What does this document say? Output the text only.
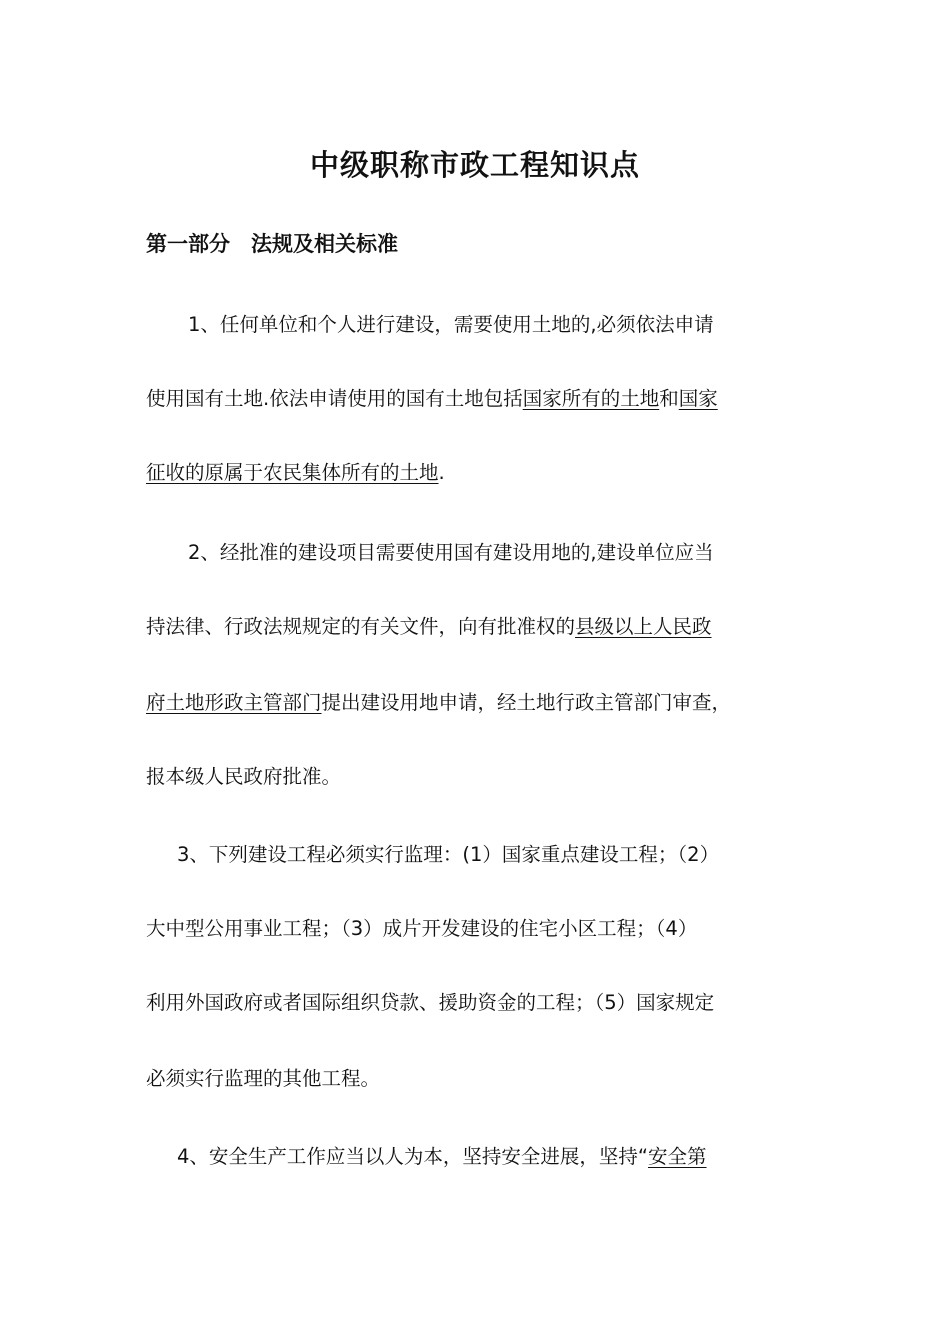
中级职称市政工程知识点
第一部分　法规及相关标准
1、任何单位和个人进行建设，需要使用土地的,必须依法申请
使用国有土地.依法申请使用的国有土地包括国家所有的土地和国家
征收的原属于农民集体所有的土地.
2、经批准的建设项目需要使用国有建设用地的,建设单位应当
持法律、行政法规规定的有关文件，向有批准权的县级以上人民政
府土地形政主管部门提出建设用地申请，经土地行政主管部门审查，
报本级人民政府批准。
3、下列建设工程必须实行监理：(1）国家重点建设工程；（2）
大中型公用事业工程；（3）成片开发建设的住宅小区工程；（4）
利用外国政府或者国际组织贷款、援助资金的工程；（5）国家规定
必须实行监理的其他工程。
4、安全生产工作应当以人为本，坚持安全进展，坚持“安全第
